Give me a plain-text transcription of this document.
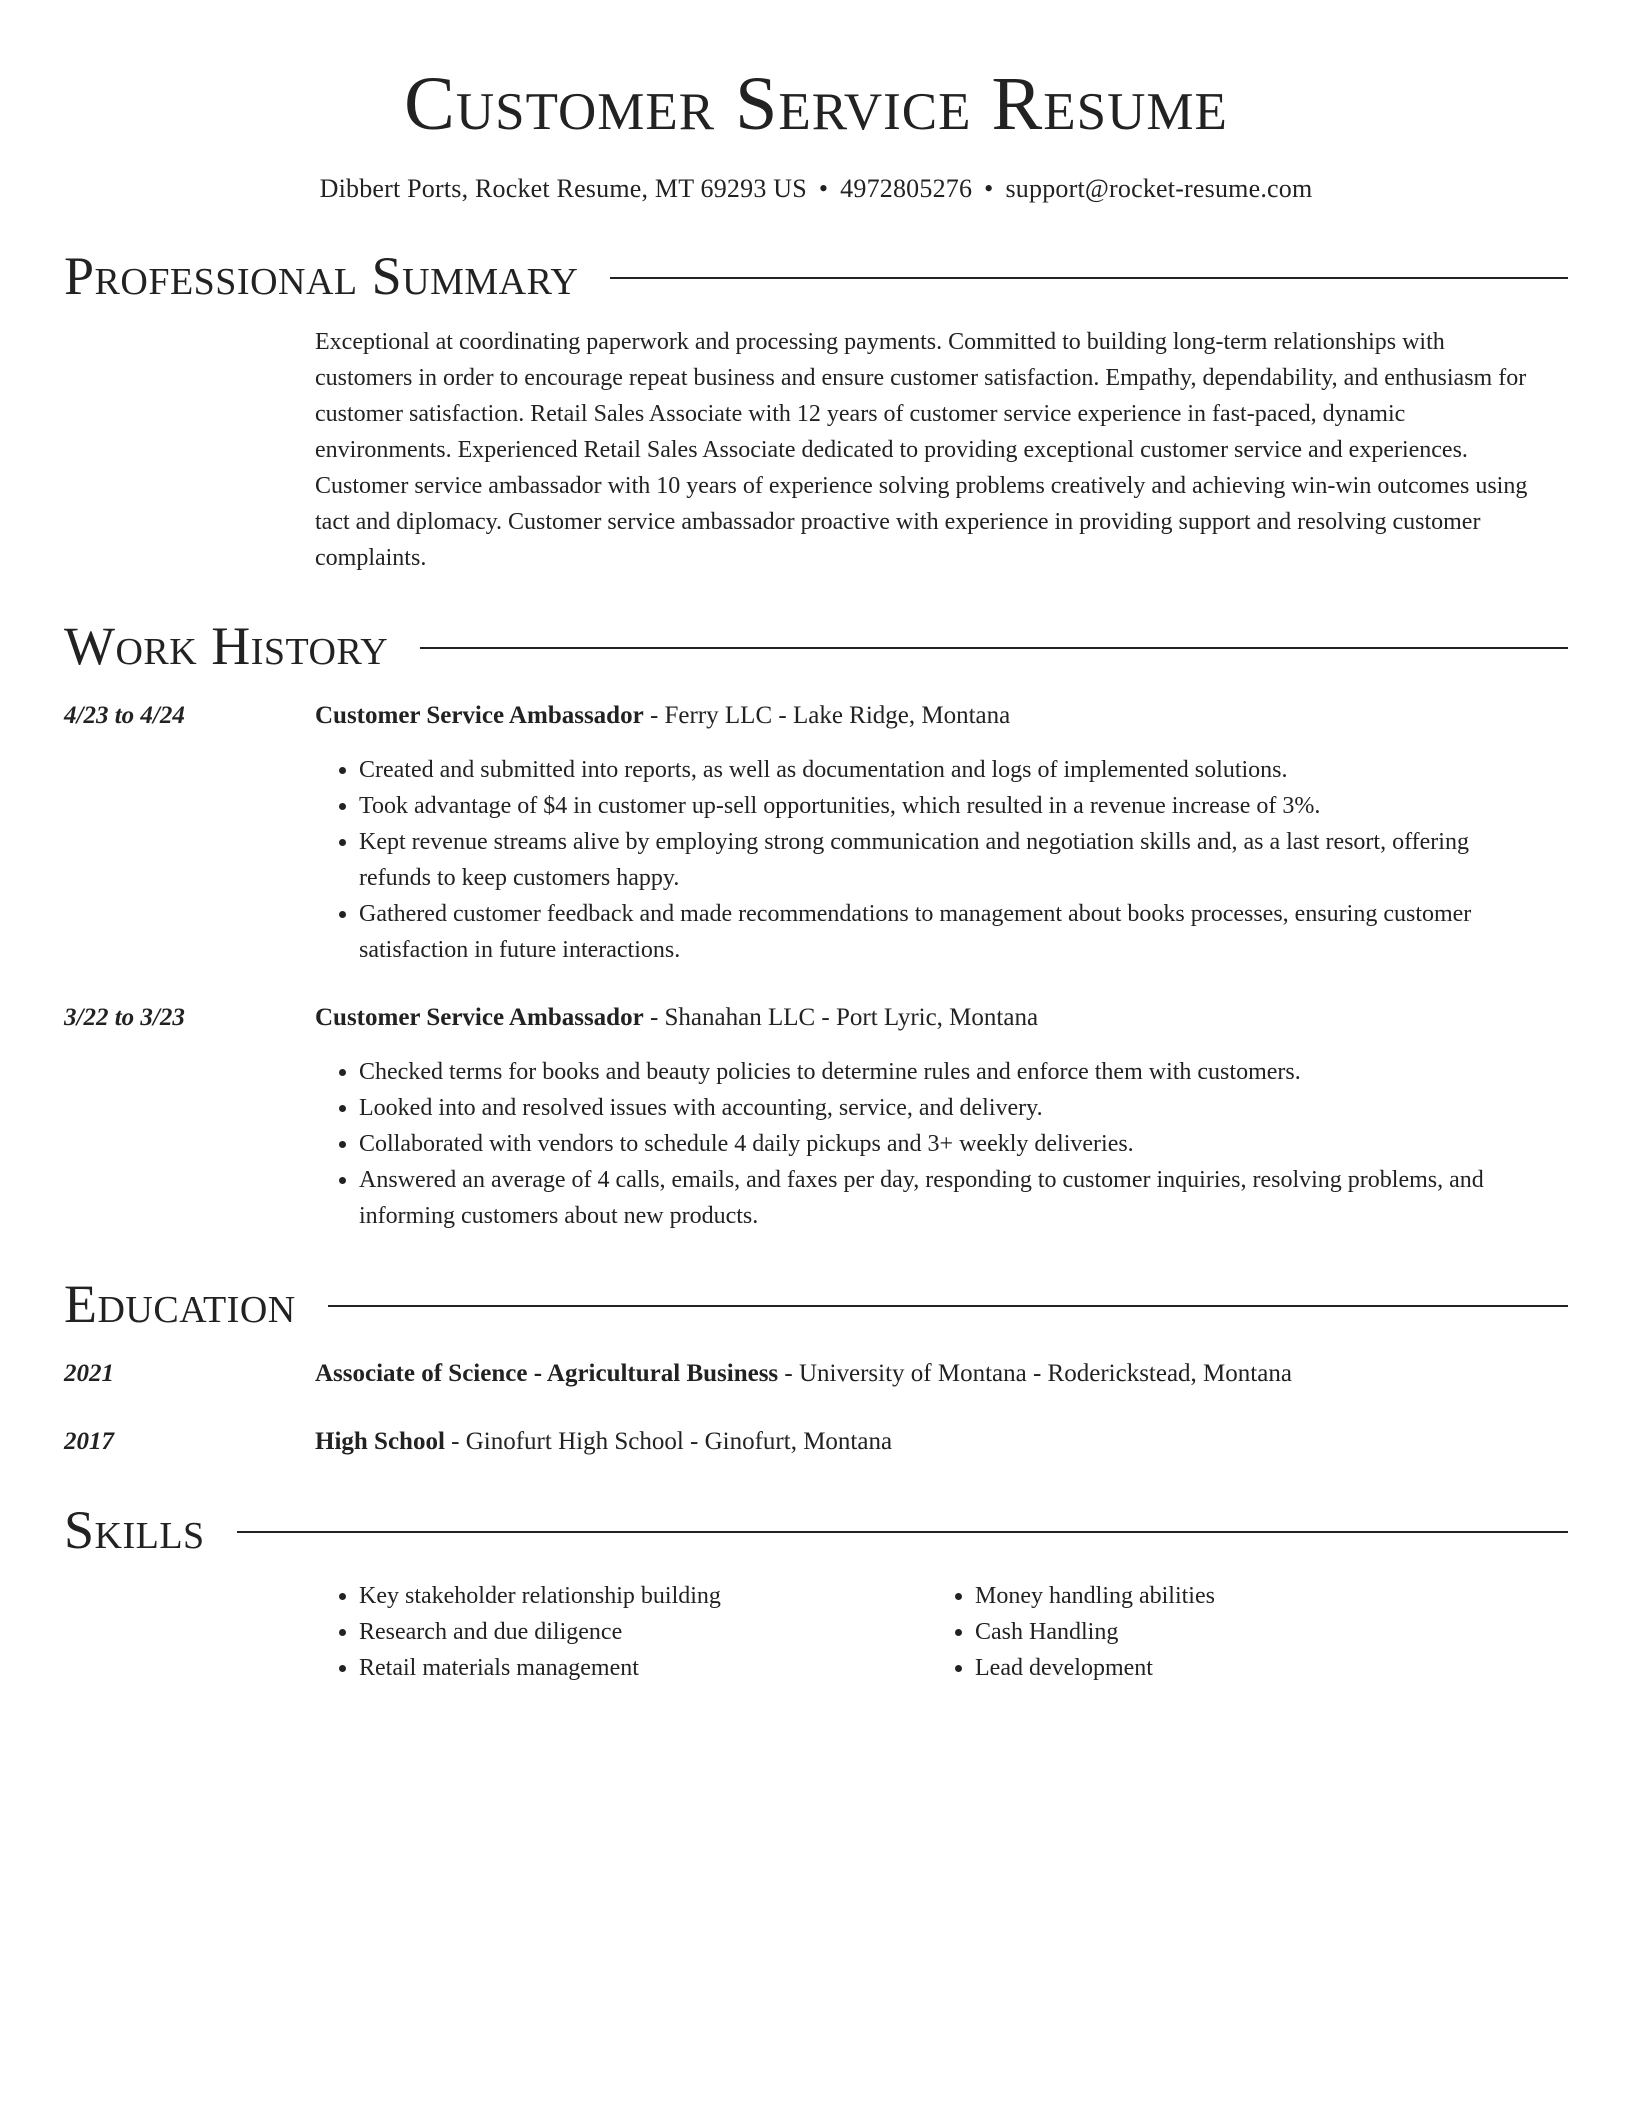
Customer Service Resume
Dibbert Ports, Rocket Resume, MT 69293 US • 4972805276 • support@rocket-resume.com
Professional Summary
Exceptional at coordinating paperwork and processing payments. Committed to building long-term relationships with customers in order to encourage repeat business and ensure customer satisfaction. Empathy, dependability, and enthusiasm for customer satisfaction. Retail Sales Associate with 12 years of customer service experience in fast-paced, dynamic environments. Experienced Retail Sales Associate dedicated to providing exceptional customer service and experiences. Customer service ambassador with 10 years of experience solving problems creatively and achieving win-win outcomes using tact and diplomacy. Customer service ambassador proactive with experience in providing support and resolving customer complaints.
Work History
4/23 to 4/24	Customer Service Ambassador - Ferry LLC - Lake Ridge, Montana
• Created and submitted into reports, as well as documentation and logs of implemented solutions.
• Took advantage of $4 in customer up-sell opportunities, which resulted in a revenue increase of 3%.
• Kept revenue streams alive by employing strong communication and negotiation skills and, as a last resort, offering refunds to keep customers happy.
• Gathered customer feedback and made recommendations to management about books processes, ensuring customer satisfaction in future interactions.
3/22 to 3/23	Customer Service Ambassador - Shanahan LLC - Port Lyric, Montana
• Checked terms for books and beauty policies to determine rules and enforce them with customers.
• Looked into and resolved issues with accounting, service, and delivery.
• Collaborated with vendors to schedule 4 daily pickups and 3+ weekly deliveries.
• Answered an average of 4 calls, emails, and faxes per day, responding to customer inquiries, resolving problems, and informing customers about new products.
Education
2021	Associate of Science - Agricultural Business - University of Montana - Roderickstead, Montana
2017	High School - Ginofurt High School - Ginofurt, Montana
Skills
• Key stakeholder relationship building
• Research and due diligence
• Retail materials management
• Money handling abilities
• Cash Handling
• Lead development
